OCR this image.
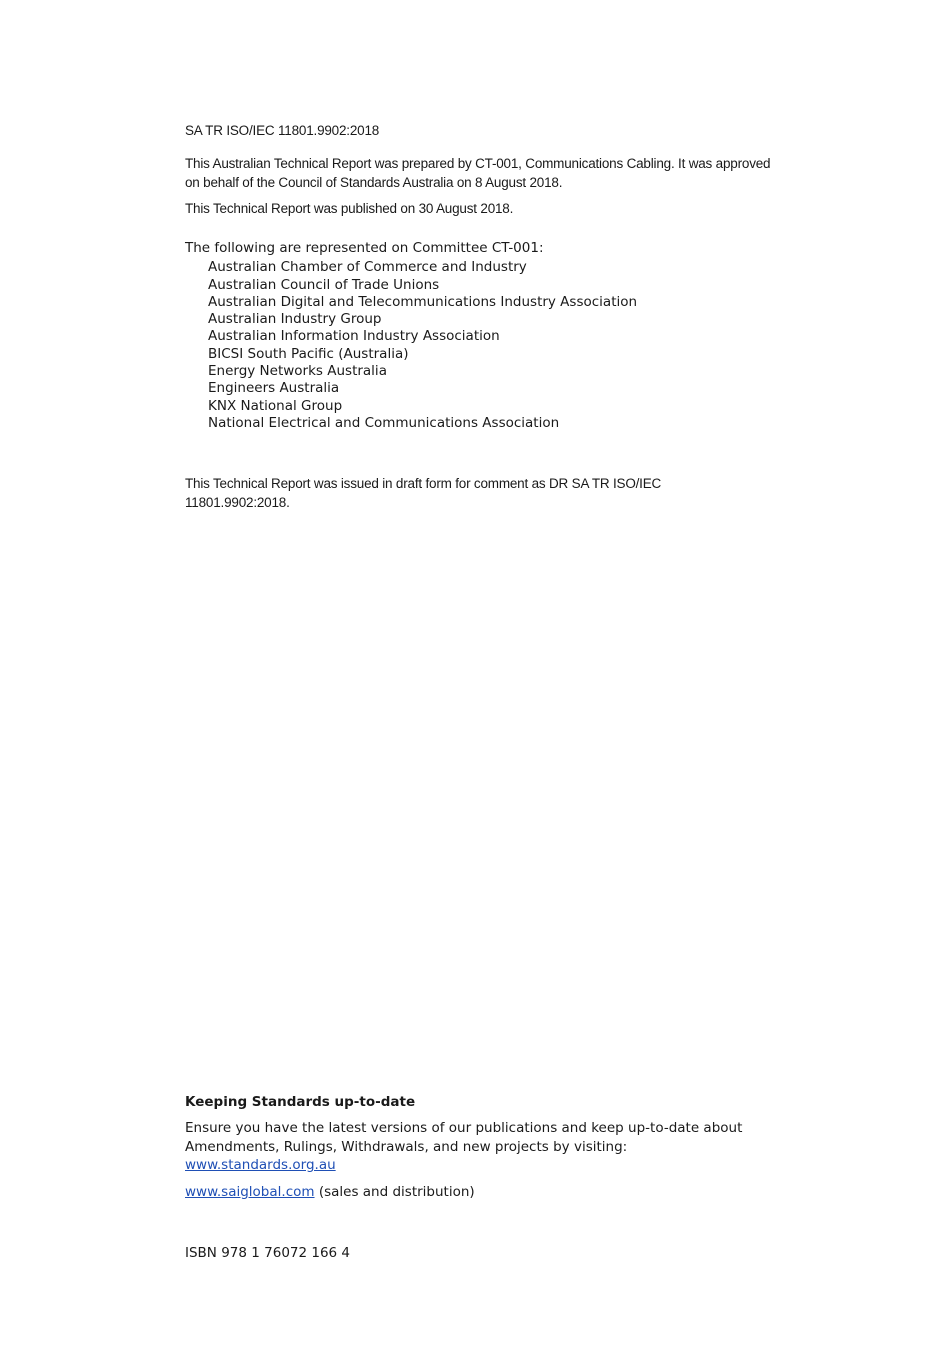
SA TR ISO/IEC 11801.9902:2018

This Australian Technical Report was prepared by CT-001, Communications Cabling. It was approved on behalf of the Council of Standards Australia on 8 August 2018.

This Technical Report was published on 30 August 2018.

The following are represented on Committee CT-001:
Australian Chamber of Commerce and Industry
Australian Council of Trade Unions
Australian Digital and Telecommunications Industry Association
Australian Industry Group
Australian Information Industry Association
BICSI South Pacific (Australia)
Energy Networks Australia
Engineers Australia
KNX National Group
National Electrical and Communications Association

This Technical Report was issued in draft form for comment as DR SA TR ISO/IEC 11801.9902:2018.

Keeping Standards up-to-date
Ensure you have the latest versions of our publications and keep up-to-date about Amendments, Rulings, Withdrawals, and new projects by visiting:
www.standards.org.au

www.saiglobal.com (sales and distribution)

ISBN 978 1 76072 166 4
